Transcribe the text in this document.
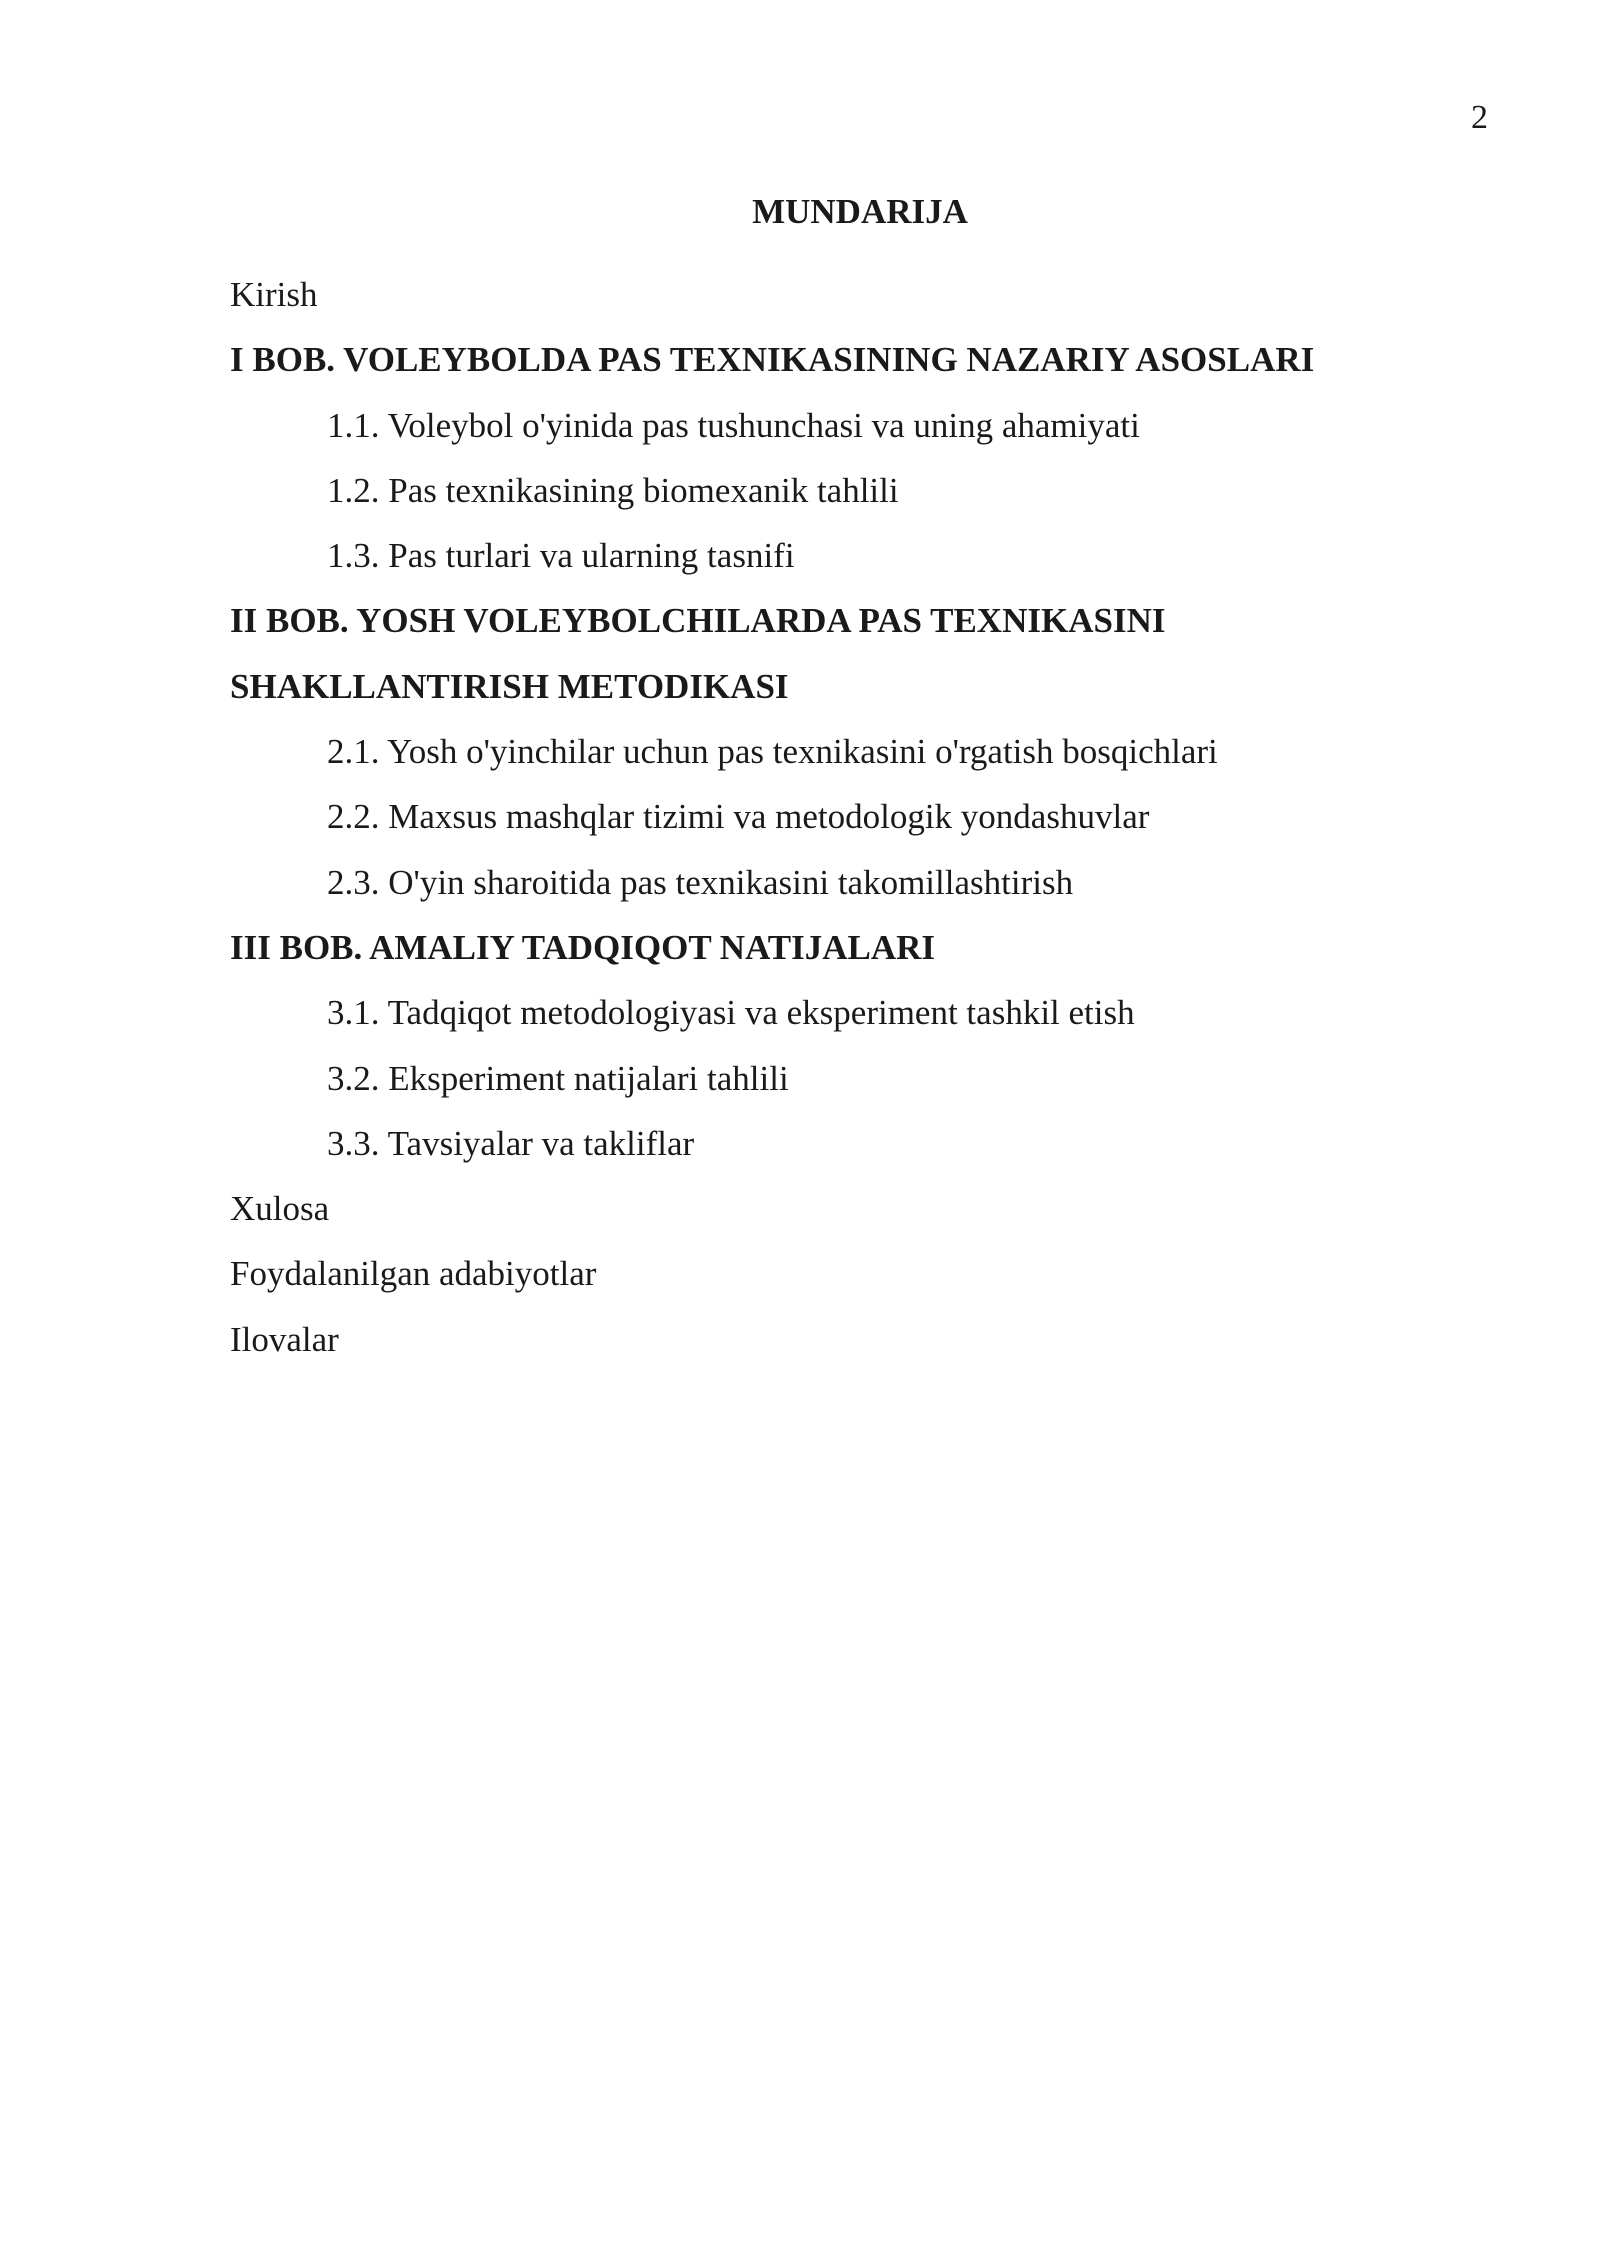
2
MUNDARIJA
Kirish
I BOB. VOLEYBOLDA PAS TEXNIKASINING NAZARIY ASOSLARI
1.1. Voleybol o'yinida pas tushunchasi va uning ahamiyati
1.2. Pas texnikasining biomexanik tahlili
1.3. Pas turlari va ularning tasnifi
II BOB. YOSH VOLEYBOLCHILARDA PAS TEXNIKASINI
SHAKLLANTIRISH METODIKASI
2.1. Yosh o'yinchilar uchun pas texnikasini o'rgatish bosqichlari
2.2. Maxsus mashqlar tizimi va metodologik yondashuvlar
2.3. O'yin sharoitida pas texnikasini takomillashtirish
III BOB. AMALIY TADQIQOT NATIJALARI
3.1. Tadqiqot metodologiyasi va eksperiment tashkil etish
3.2. Eksperiment natijalari tahlili
3.3. Tavsiyalar va takliflar
Xulosa
Foydalanilgan adabiyotlar
Ilovalar
